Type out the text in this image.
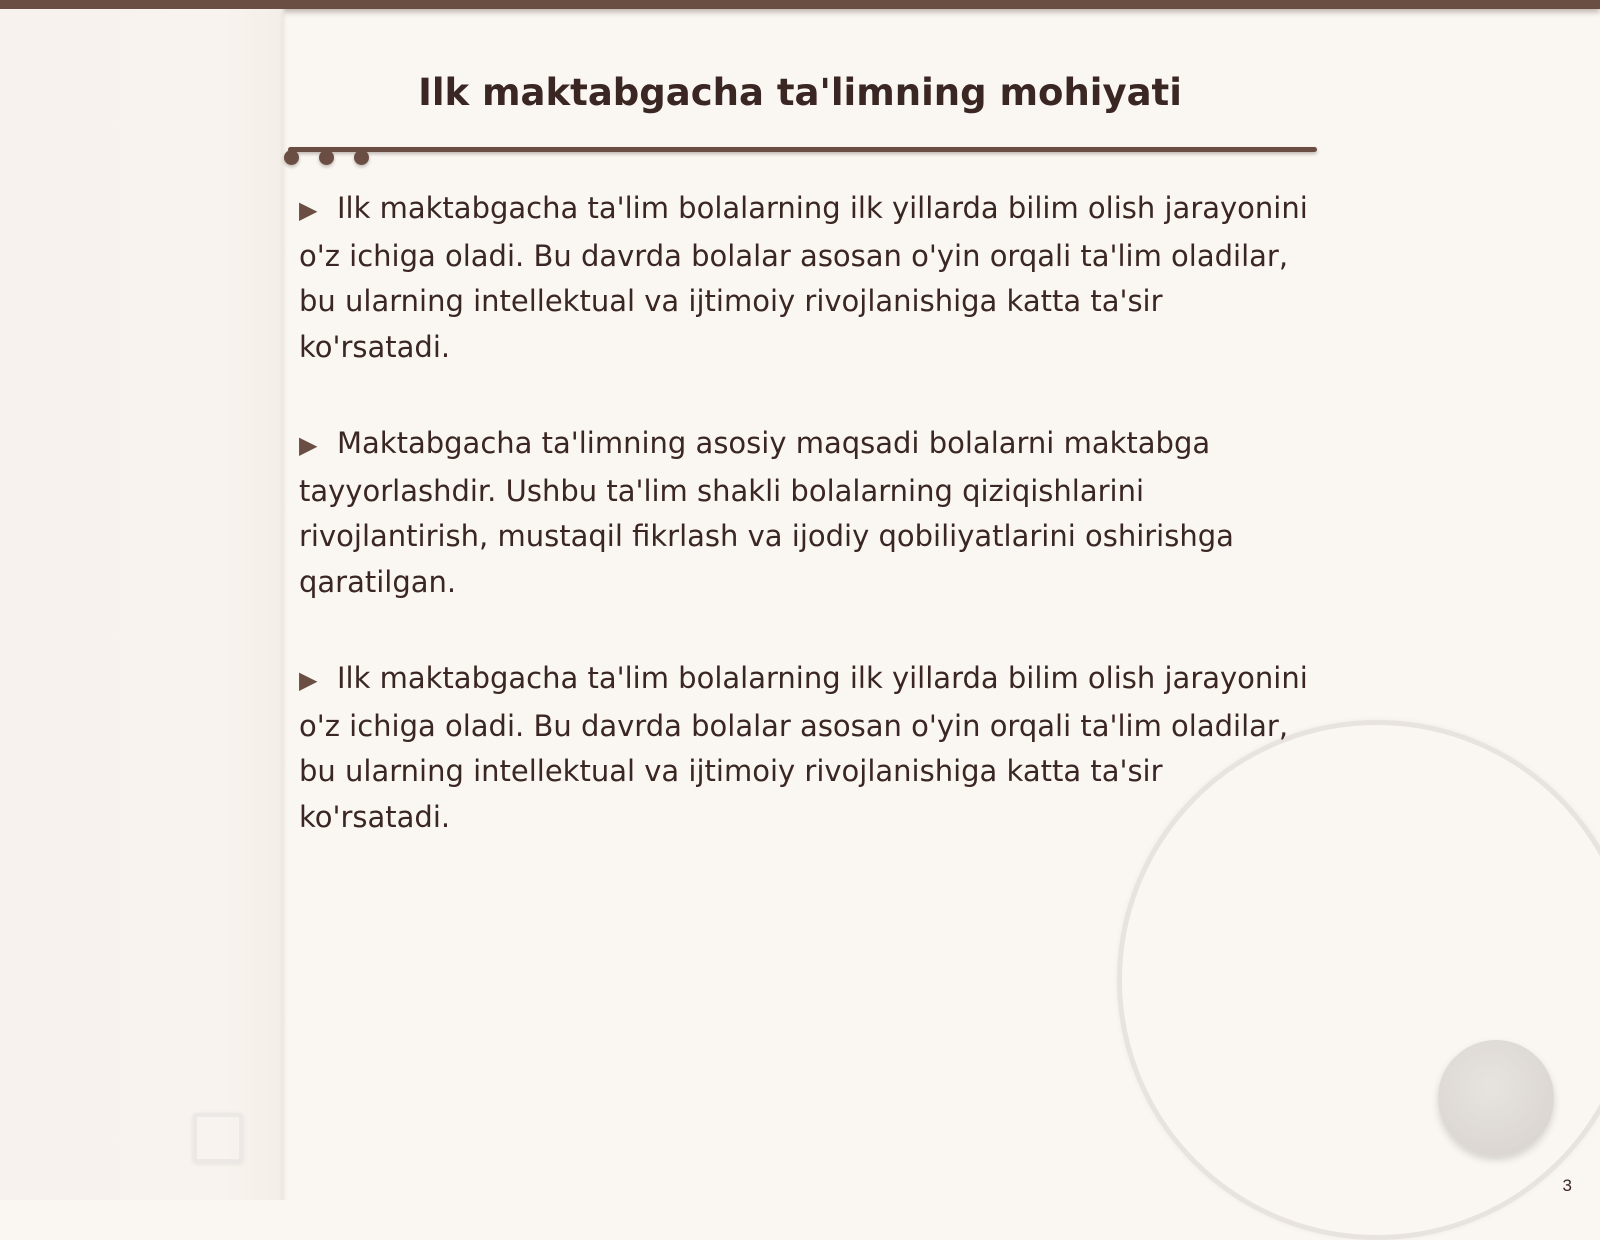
Ilk maktabgacha ta'limning mohiyati
▶ Ilk maktabgacha ta'lim bolalarning ilk yillarda bilim olish jarayonini o'z ichiga oladi. Bu davrda bolalar asosan o'yin orqali ta'lim oladilar, bu ularning intellektual va ijtimoiy rivojlanishiga katta ta'sir ko'rsatadi.
▶ Maktabgacha ta'limning asosiy maqsadi bolalarni maktabga tayyorlashdir. Ushbu ta'lim shakli bolalarning qiziqishlarini rivojlantirish, mustaqil fikrlash va ijodiy qobiliyatlarini oshirishga qaratilgan.
▶ Ilk maktabgacha ta'lim bolalarning ilk yillarda bilim olish jarayonini o'z ichiga oladi. Bu davrda bolalar asosan o'yin orqali ta'lim oladilar, bu ularning intellektual va ijtimoiy rivojlanishiga katta ta'sir ko'rsatadi.
3
